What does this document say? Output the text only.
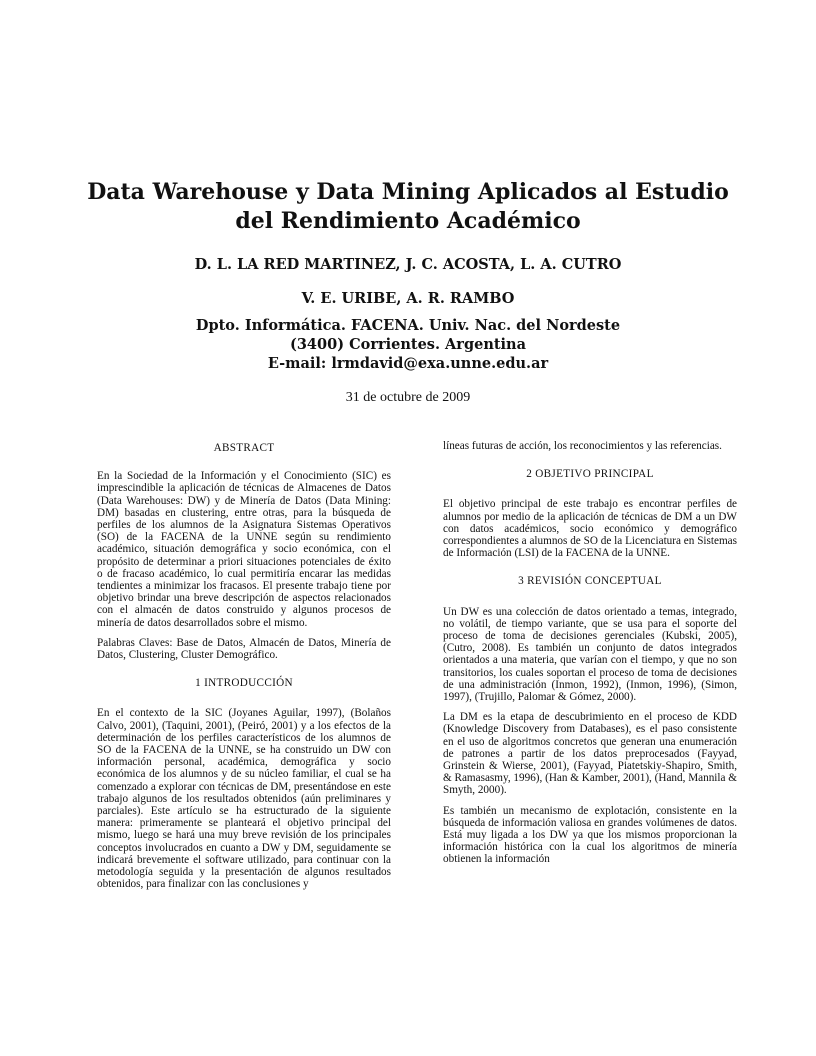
Data Warehouse y Data Mining Aplicados al Estudio del Rendimiento Académico

D. L. LA RED MARTINEZ, J. C. ACOSTA, L. A. CUTRO

V. E. URIBE, A. R. RAMBO

Dpto. Informática. FACENA. Univ. Nac. del Nordeste
(3400) Corrientes. Argentina
E-mail: lrmdavid@exa.unne.edu.ar

31 de octubre de 2009

ABSTRACT

En la Sociedad de la Información y el Conocimiento (SIC) es imprescindible la aplicación de técnicas de Almacenes de Datos (Data Warehouses: DW) y de Minería de Datos (Data Mining: DM) basadas en clustering, entre otras, para la búsqueda de perfiles de los alumnos de la Asignatura Sistemas Operativos (SO) de la FACENA de la UNNE según su rendimiento académico, situación demográfica y socio económica, con el propósito de determinar a priori situaciones potenciales de éxito o de fracaso académico, lo cual permitiría encarar las medidas tendientes a minimizar los fracasos. El presente trabajo tiene por objetivo brindar una breve descripción de aspectos relacionados con el almacén de datos construido y algunos procesos de minería de datos desarrollados sobre el mismo.

Palabras Claves: Base de Datos, Almacén de Datos, Minería de Datos, Clustering, Cluster Demográfico.

1 INTRODUCCIÓN

En el contexto de la SIC (Joyanes Aguilar, 1997), (Bolaños Calvo, 2001), (Taquini, 2001), (Peiró, 2001) y a los efectos de la determinación de los perfiles característicos de los alumnos de SO de la FACENA de la UNNE, se ha construido un DW con información personal, académica, demográfica y socio económica de los alumnos y de su núcleo familiar, el cual se ha comenzado a explorar con técnicas de DM, presentándose en este trabajo algunos de los resultados obtenidos (aún preliminares y parciales). Este artículo se ha estructurado de la siguiente manera: primeramente se planteará el objetivo principal del mismo, luego se hará una muy breve revisión de los principales conceptos involucrados en cuanto a DW y DM, seguidamente se indicará brevemente el software utilizado, para continuar con la metodología seguida y la presentación de algunos resultados obtenidos, para finalizar con las conclusiones y

líneas futuras de acción, los reconocimientos y las referencias.

2 OBJETIVO PRINCIPAL

El objetivo principal de este trabajo es encontrar perfiles de alumnos por medio de la aplicación de técnicas de DM a un DW con datos académicos, socio económico y demográfico correspondientes a alumnos de SO de la Licenciatura en Sistemas de Información (LSI) de la FACENA de la UNNE.

3 REVISIÓN CONCEPTUAL

Un DW es una colección de datos orientado a temas, integrado, no volátil, de tiempo variante, que se usa para el soporte del proceso de toma de decisiones gerenciales (Kubski, 2005), (Cutro, 2008). Es también un conjunto de datos integrados orientados a una materia, que varían con el tiempo, y que no son transitorios, los cuales soportan el proceso de toma de decisiones de una administración (Inmon, 1992), (Inmon, 1996), (Simon, 1997), (Trujillo, Palomar & Gómez, 2000).

La DM es la etapa de descubrimiento en el proceso de KDD (Knowledge Discovery from Databases), es el paso consistente en el uso de algoritmos concretos que generan una enumeración de patrones a partir de los datos preprocesados (Fayyad, Grinstein & Wierse, 2001), (Fayyad, Piatetskiy-Shapiro, Smith, & Ramasasmy, 1996), (Han & Kamber, 2001), (Hand, Mannila & Smyth, 2000).

Es también un mecanismo de explotación, consistente en la búsqueda de información valiosa en grandes volúmenes de datos. Está muy ligada a los DW ya que los mismos proporcionan la información histórica con la cual los algoritmos de minería obtienen la información
